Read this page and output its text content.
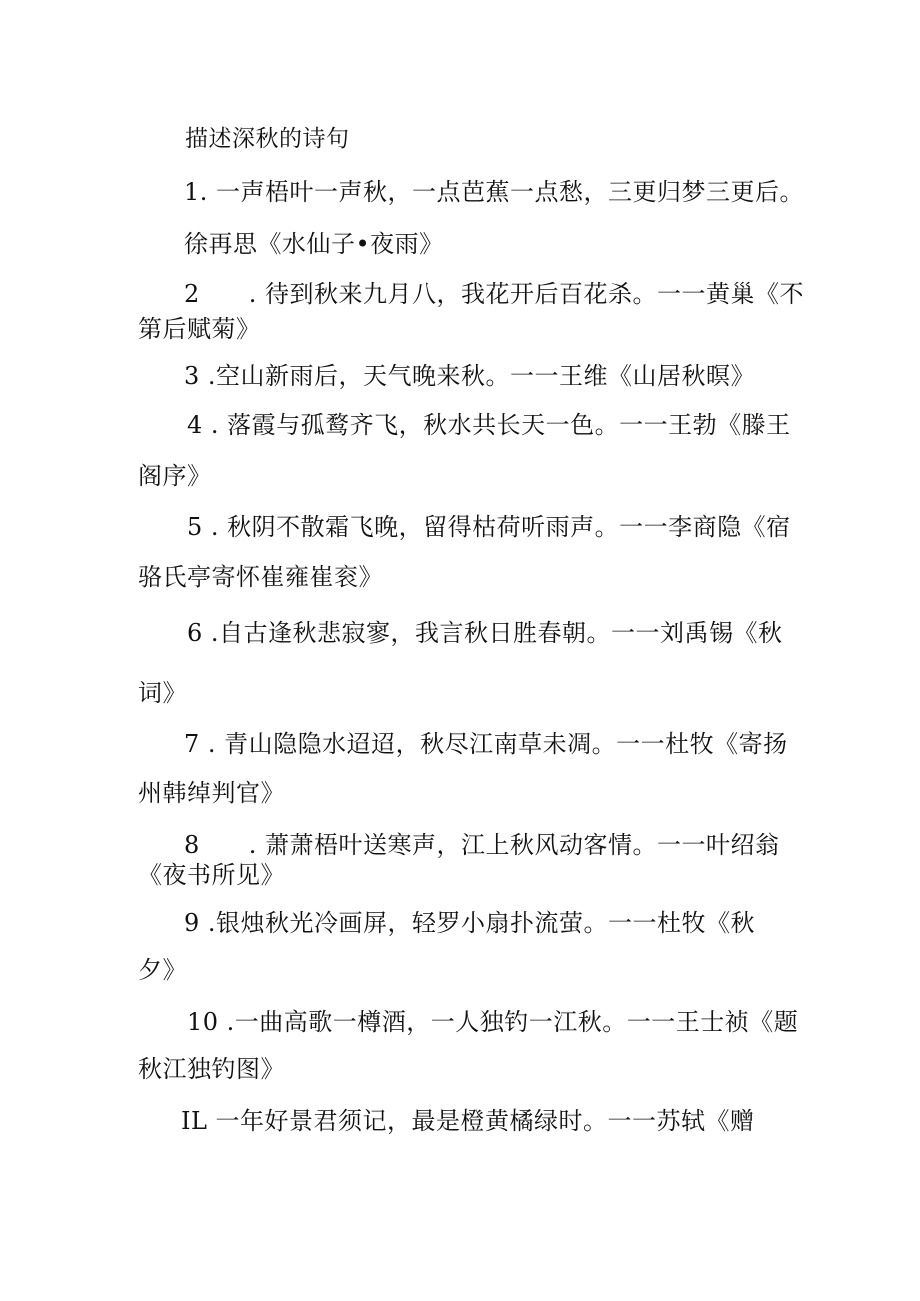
描述深秋的诗句
1. 一声梧叶一声秋，一点芭蕉一点愁，三更归梦三更后。
徐再思《水仙子•夜雨》
2　　. 待到秋来九月八，我花开后百花杀。一一黄巢《不
第后赋菊》
3 .空山新雨后，天气晚来秋。一一王维《山居秋暝》
4 . 落霞与孤鹜齐飞，秋水共长天一色。一一王勃《滕王
阁序》
5 . 秋阴不散霜飞晚，留得枯荷听雨声。一一李商隐《宿
骆氏亭寄怀崔雍崔衮》
6 .自古逢秋悲寂寥，我言秋日胜春朝。一一刘禹锡《秋
词》
7 . 青山隐隐水迢迢，秋尽江南草未凋。一一杜牧《寄扬
州韩绰判官》
8　　. 萧萧梧叶送寒声，江上秋风动客情。一一叶绍翁
《夜书所见》
9 .银烛秋光冷画屏，轻罗小扇扑流萤。一一杜牧《秋
夕》
10 .一曲高歌一樽酒，一人独钓一江秋。一一王士祯《题
秋江独钓图》
IL 一年好景君须记，最是橙黄橘绿时。一一苏轼《赠
